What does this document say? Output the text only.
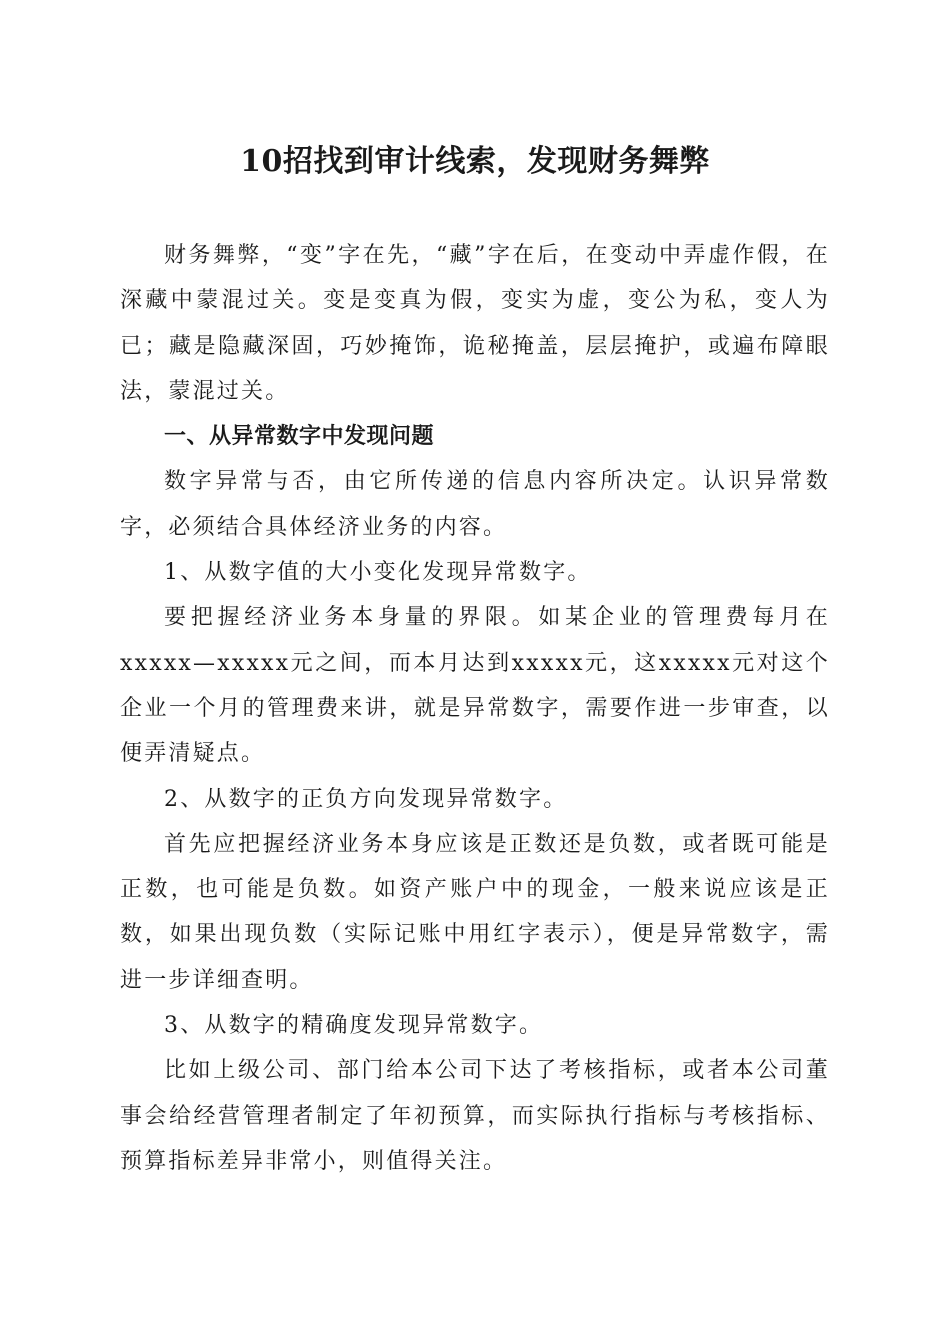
10招找到审计线索，发现财务舞弊

财务舞弊，“变”字在先，“藏”字在后，在变动中弄虚作假，在深藏中蒙混过关。变是变真为假，变实为虚，变公为私，变人为已；藏是隐藏深固，巧妙掩饰，诡秘掩盖，层层掩护，或遍布障眼法，蒙混过关。

一、从异常数字中发现问题

数字异常与否，由它所传递的信息内容所决定。认识异常数字，必须结合具体经济业务的内容。

1、从数字值的大小变化发现异常数字。

要把握经济业务本身量的界限。如某企业的管理费每月在xxxxx—xxxxx元之间，而本月达到xxxxx元，这xxxxx元对这个企业一个月的管理费来讲，就是异常数字，需要作进一步审查，以便弄清疑点。

2、从数字的正负方向发现异常数字。

首先应把握经济业务本身应该是正数还是负数，或者既可能是正数，也可能是负数。如资产账户中的现金，一般来说应该是正数，如果出现负数（实际记账中用红字表示），便是异常数字，需进一步详细查明。

3、从数字的精确度发现异常数字。

比如上级公司、部门给本公司下达了考核指标，或者本公司董事会给经营管理者制定了年初预算，而实际执行指标与考核指标、预算指标差异非常小，则值得关注。
